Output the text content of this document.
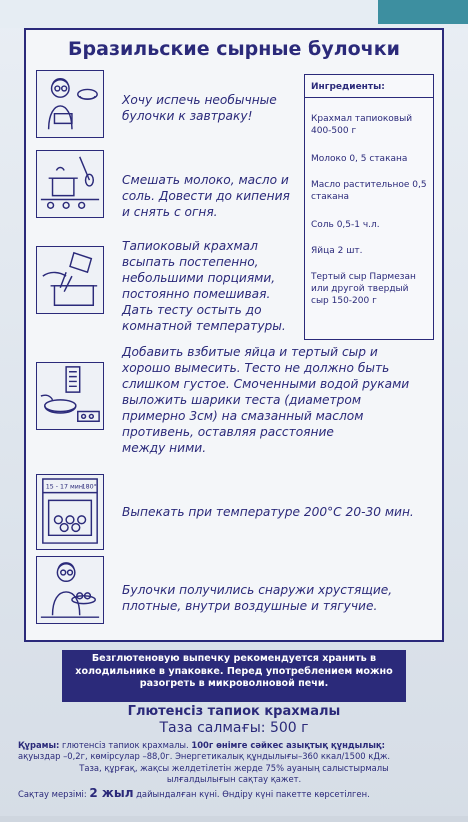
Бразильские сырные булочки
Ингредиенты:
Крахмал тапиоковый 400-500 г
Молоко 0, 5 стакана
Масло растительное 0,5 стакана
Соль 0,5-1 ч.л.
Яйца 2 шт.
Тертый сыр Пармезан или другой твердый сыр 150-200 г
Хочу испечь необычные
булочки к завтраку!
Смешать молоко, масло и
соль. Довести до кипения
и снять с огня.
Тапиоковый крахмал
всыпать постепенно,
небольшими порциями,
постоянно помешивая.
Дать тесту остыть до
комнатной температуры.
Добавить взбитые яйца и тертый сыр и
хорошо вымесить. Тесто не должно быть
слишком густое. Смоченными водой руками
выложить шарики теста (диаметром
примерно 3см) на смазанный маслом
противень, оставляя расстояние
между ними.
15 - 17 мин
180°
Выпекать при температуре 200°С 20-30 мин.
Булочки получились снаружи хрустящие,
плотные, внутри воздушные и тягучие.
Безглютеновую выпечку рекомендуется хранить в
холодильнике в упаковке. Перед употреблением можно
разогреть в микроволновой печи.
Глютенсіз тапиок крахмалы
Таза салмағы: 500 г
Құрамы: глютенсіз тапиок крахмалы. 100г өнімге сәйкес азықтық құндылық:
ақуыздар –0,2г, көмірсулар –88,0г. Энергетикалық құндылығы–360 ккал/1500 кДж.
Таза, құрғақ, жақсы желдетілетін жерде 75% ауаның салыстырмалы
ылғалдылығын сақтау қажет.
Сақтау мерзімі: 2 жыл дайындалған күні. Өндіру күні пакетте көрсетілген.
